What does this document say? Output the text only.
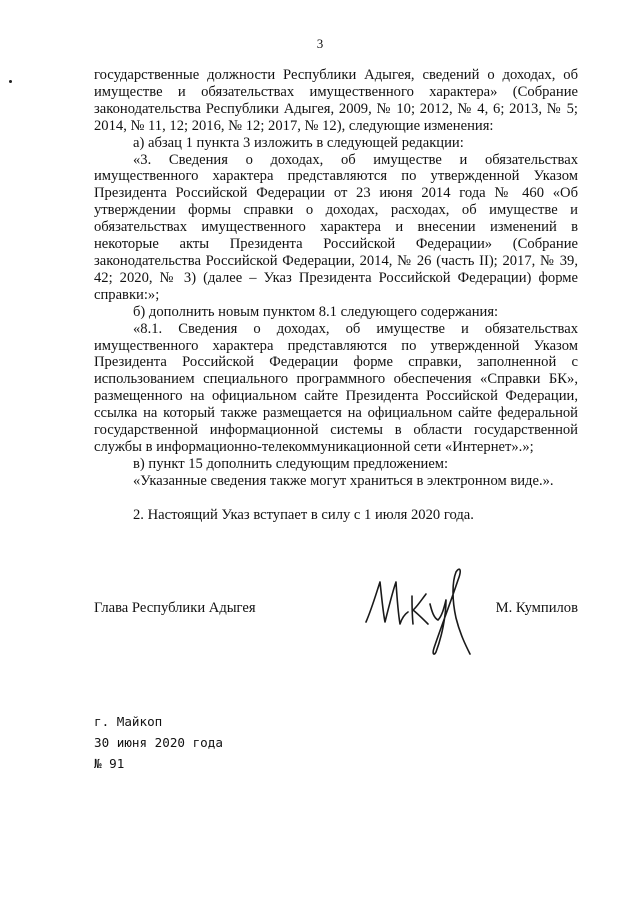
3

государственные должности Республики Адыгея, сведений о доходах, об имуществе и обязательствах имущественного характера» (Собрание законодательства Республики Адыгея, 2009, № 10; 2012, № 4, 6; 2013, № 5; 2014, № 11, 12; 2016, № 12; 2017, № 12), следующие изменения:

а) абзац 1 пункта 3 изложить в следующей редакции:

«3. Сведения о доходах, об имуществе и обязательствах имущественного характера представляются по утвержденной Указом Президента Российской Федерации от 23 июня 2014 года № 460 «Об утверждении формы справки о доходах, расходах, об имуществе и обязательствах имущественного характера и внесении изменений в некоторые акты Президента Российской Федерации» (Собрание законодательства Российской Федерации, 2014, № 26 (часть II); 2017, № 39, 42; 2020, № 3) (далее – Указ Президента Российской Федерации) форме справки:»;

б) дополнить новым пунктом 8.1 следующего содержания:

«8.1. Сведения о доходах, об имуществе и обязательствах имущественного характера представляются по утвержденной Указом Президента Российской Федерации форме справки, заполненной с использованием специального программного обеспечения «Справки БК», размещенного на официальном сайте Президента Российской Федерации, ссылка на который также размещается на официальном сайте федеральной государственной информационной системы в области государственной службы в информационно-телекоммуникационной сети «Интернет».»;

в) пункт 15 дополнить следующим предложением:

«Указанные сведения также могут храниться в электронном виде.».

2. Настоящий Указ вступает в силу с 1 июля 2020 года.

Глава Республики Адыгея	М. Кумпилов
г. Майкоп
30 июня 2020 года
№ 91
